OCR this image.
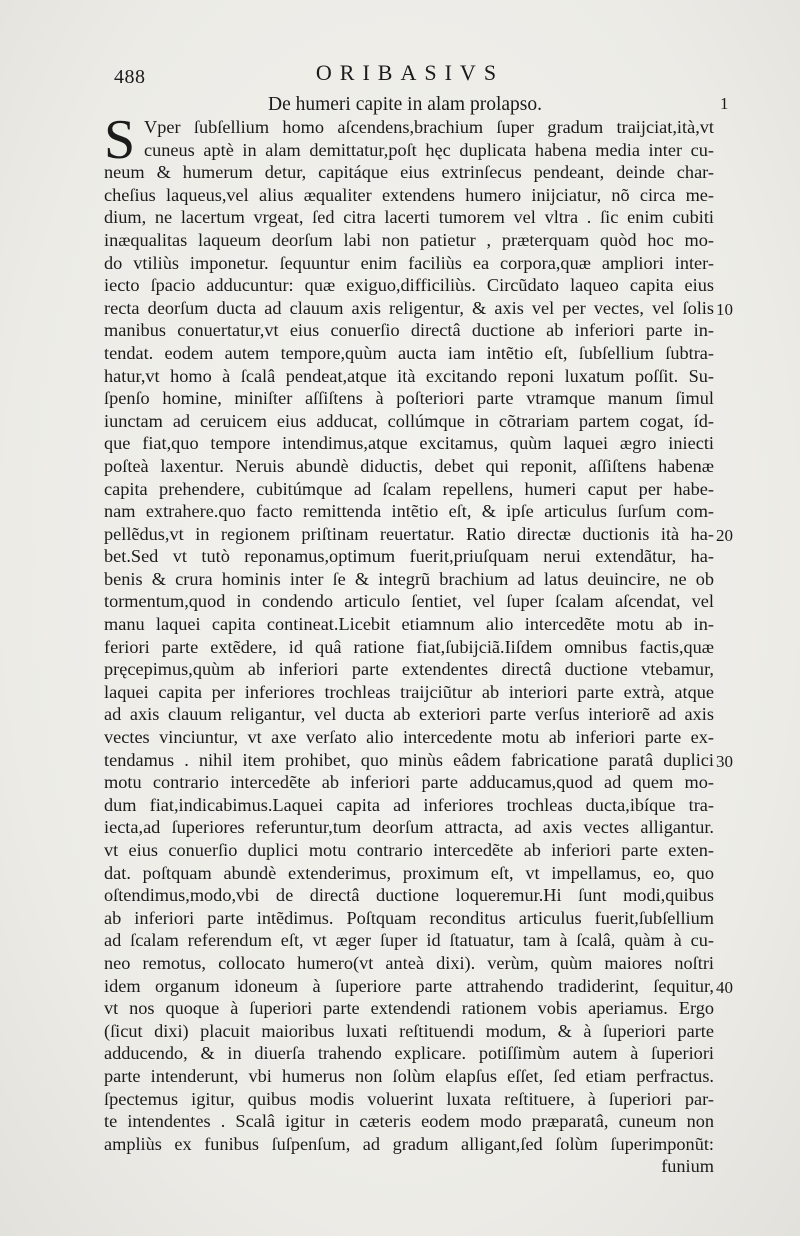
488	ORIBASIVS
De humeri capite in alam prolapso.
S Vper ſubſellium homo aſcendens,brachium ſuper gradum traijciat,ità,vt
cuneus aptè in alam demittatur,poſt hęc duplicata habena media inter cu-
neum & humerum detur, capitáque eius extrinſecus pendeant, deinde char-
cheſius laqueus,vel alius æqualiter extendens humero inijciatur, nõ circa me-
dium, ne lacertum vrgeat, ſed citra lacerti tumorem vel vltra . ſic enim cubiti
inæqualitas laqueum deorſum labi non patietur , præterquam quòd hoc mo-
do vtiliùs imponetur. ſequuntur enim faciliùs ea corpora,quæ ampliori inter-
iecto ſpacio adducuntur: quæ exiguo,difficiliùs. Circũdato laqueo capita eius
recta deorſum ducta ad clauum axis religentur, & axis vel per vectes, vel ſolis
manibus conuertatur,vt eius conuerſio directâ ductione ab inferiori parte in-
tendat. eodem autem tempore,quùm aucta iam intẽtio eſt, ſubſellium ſubtra-
hatur,vt homo à ſcalâ pendeat,atque ità excitando reponi luxatum poſſit. Su-
ſpenſo homine, miniſter aſſiſtens à poſteriori parte vtramque manum ſimul
iunctam ad ceruicem eius adducat, collúmque in cõtrariam partem cogat, íd-
que fiat,quo tempore intendimus,atque excitamus, quùm laquei ægro iniecti
poſteà laxentur. Neruis abundè diductis, debet qui reponit, aſſiſtens habenæ
capita prehendere, cubitúmque ad ſcalam repellens, humeri caput per habe-
nam extrahere.quo facto remittenda intẽtio eſt, & ipſe articulus ſurſum com-
pellẽdus,vt in regionem priſtinam reuertatur. Ratio directæ ductionis ità ha-
bet.Sed vt tutò reponamus,optimum fuerit,priuſquam nerui extendãtur, ha-
benis & crura hominis inter ſe & integrũ brachium ad latus deuincire, ne ob
tormentum,quod in condendo articulo ſentiet, vel ſuper ſcalam aſcendat, vel
manu laquei capita contineat.Licebit etiamnum alio intercedẽte motu ab in-
feriori parte extẽdere, id quâ ratione fiat,ſubijciã.Iiſdem omnibus factis,quæ
pręcepimus,quùm ab inferiori parte extendentes directâ ductione vtebamur,
laquei capita per inferiores trochleas traijciũtur ab interiori parte extrà, atque
ad axis clauum religantur, vel ducta ab exteriori parte verſus interiorẽ ad axis
vectes vinciuntur, vt axe verſato alio intercedente motu ab inferiori parte ex-
tendamus . nihil item prohibet, quo minùs eâdem fabricatione paratâ duplici
motu contrario intercedẽte ab inferiori parte adducamus,quod ad quem mo-
dum fiat,indicabimus.Laquei capita ad inferiores trochleas ducta,ibíque tra-
iecta,ad ſuperiores referuntur,tum deorſum attracta, ad axis vectes alligantur.
vt eius conuerſio duplici motu contrario intercedẽte ab inferiori parte exten-
dat. poſtquam abundè extenderimus, proximum eſt, vt impellamus, eo, quo
oſtendimus,modo,vbi de directâ ductione loqueremur.Hi ſunt modi,quibus
ab inferiori parte intẽdimus. Poſtquam reconditus articulus fuerit,ſubſellium
ad ſcalam referendum eſt, vt æger ſuper id ſtatuatur, tam à ſcalâ, quàm à cu-
neo remotus, collocato humero(vt anteà dixi). verùm, quùm maiores noſtri
idem organum idoneum à ſuperiore parte attrahendo tradiderint, ſequitur,
vt nos quoque à ſuperiori parte extendendi rationem vobis aperiamus. Ergo
(ſicut dixi) placuit maioribus luxati reſtituendi modum, & à ſuperiori parte
adducendo, & in diuerſa trahendo explicare. potiſſimùm autem à ſuperiori
parte intenderunt, vbi humerus non ſolùm elapſus eſſet, ſed etiam perfractus.
ſpectemus igitur, quibus modis voluerint luxata reſtituere, à ſuperiori par-
te intendentes . Scalâ igitur in cæteris eodem modo præparatâ, cuneum non
ampliùs ex funibus ſuſpenſum, ad gradum alligant,ſed ſolùm ſuperimponũt:
funium
1
10
20
30
40
